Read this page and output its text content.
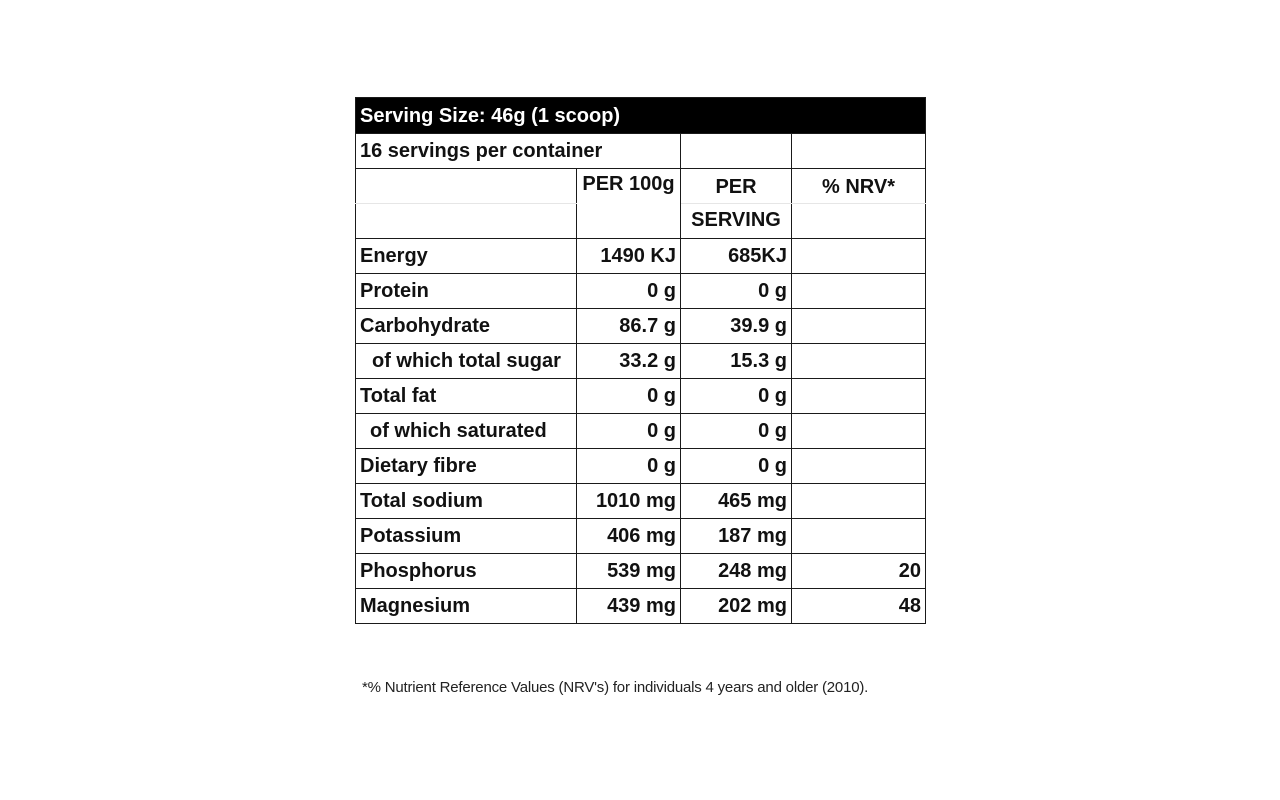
Serving Size: 46g (1 scoop)			
16 servings per container			
	PER 100g	PER	% NRV*
		SERVING	
Energy	1490 KJ	685KJ	
Protein	0 g	0 g	
Carbohydrate	86.7 g	39.9 g	
of which total sugar	33.2 g	15.3 g	
Total fat	0 g	0 g	
of which saturated	0 g	0 g	
Dietary fibre	0 g	0 g	
Total sodium	1010 mg	465 mg	
Potassium	406 mg	187 mg	
Phosphorus	539 mg	248 mg	20
Magnesium	439 mg	202 mg	48
*% Nutrient Reference Values (NRV's) for individuals 4 years and older (2010).
